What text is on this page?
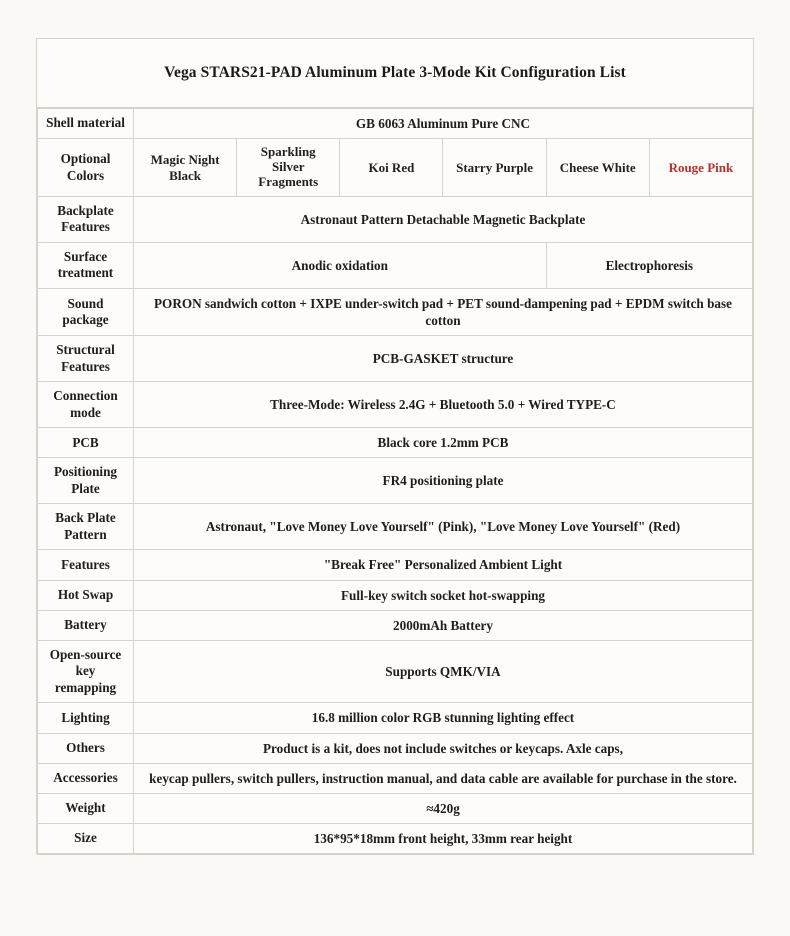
Vega STARS21-PAD Aluminum Plate 3-Mode Kit Configuration List
Shell material	GB 6063 Aluminum Pure CNC					
Optional Colors	Magic Night Black	Sparkling Silver Fragments	Koi Red	Starry Purple	Cheese White	Rouge Pink
Backplate Features	Astronaut Pattern Detachable Magnetic Backplate					
Surface treatment	Anodic oxidation				Electrophoresis	
Sound package	PORON sandwich cotton + IXPE under-switch pad + PET sound-dampening pad + EPDM switch base cotton					
Structural Features	PCB-GASKET structure					
Connection mode	Three-Mode: Wireless 2.4G + Bluetooth 5.0 + Wired TYPE-C					
PCB	Black core 1.2mm PCB					
Positioning Plate	FR4 positioning plate					
Back Plate Pattern	Astronaut, "Love Money Love Yourself" (Pink), "Love Money Love Yourself" (Red)					
Features	"Break Free" Personalized Ambient Light					
Hot Swap	Full-key switch socket hot-swapping					
Battery	2000mAh Battery					
Open-source key remapping	Supports QMK/VIA					
Lighting	16.8 million color RGB stunning lighting effect					
Others	Product is a kit, does not include switches or keycaps. Axle caps,					
Accessories	keycap pullers, switch pullers, instruction manual, and data cable are available for purchase in the store.					
Weight	≈420g					
Size	136*95*18mm front height, 33mm rear height					
